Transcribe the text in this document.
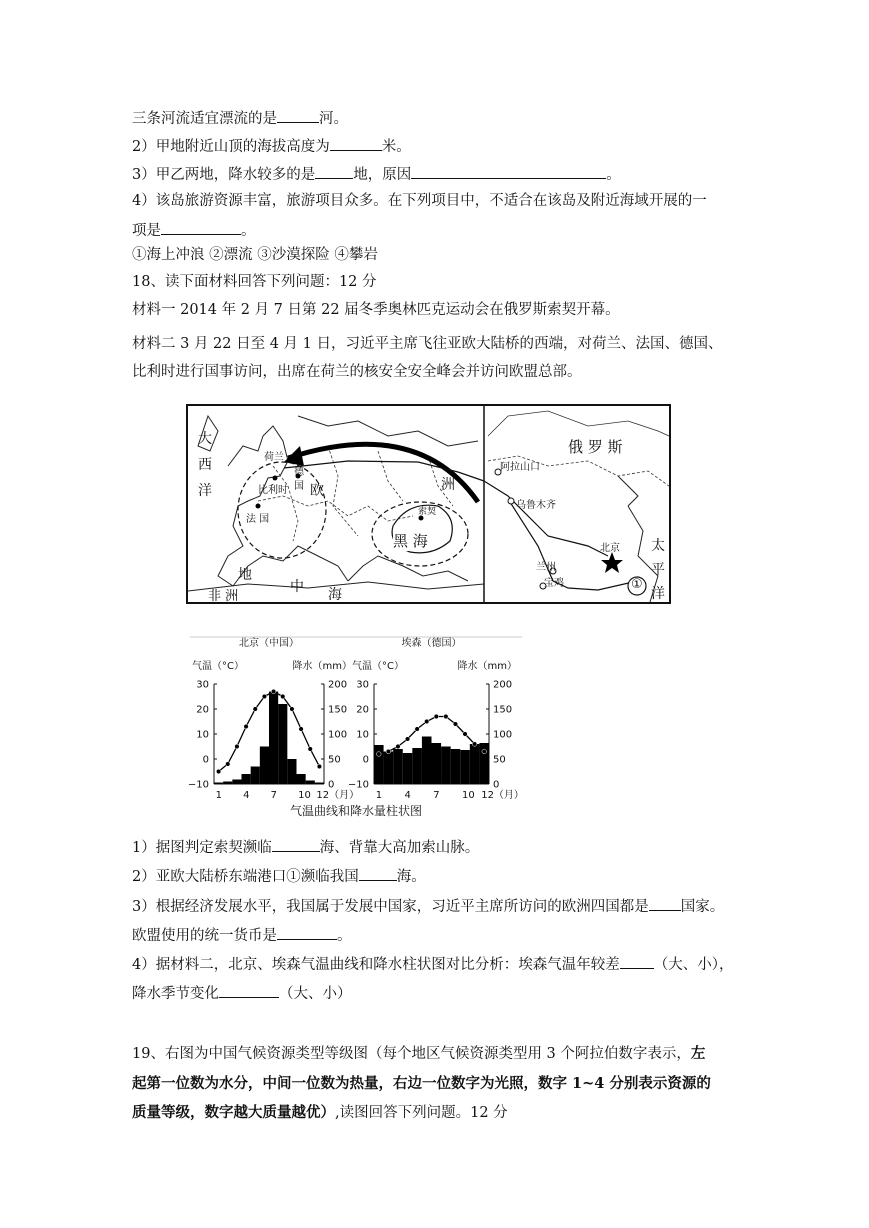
三条河流适宜漂流的是	河。
2）甲地附近山顶的海拔高度为	米。
3）甲乙两地，降水较多的是	地，原因	。
4）该岛旅游资源丰富，旅游项目众多。在下列项目中，不适合在该岛及附近海域开展的一
项是	。
①海上冲浪 ②漂流 ③沙漠探险 ④攀岩
18、读下面材料回答下列问题：12 分
材料一 2014 年 2 月 7 日第 22 届冬季奥林匹克运动会在俄罗斯索契开幕。
材料二 3 月 22 日至 4 月 1 日，习近平主席飞往亚欧大陆桥的西端，对荷兰、法国、德国、
比利时进行国事访问，出席在荷兰的核安全安全峰会并访问欧盟总部。
大
西
洋
太
平
洋
洲
欧
非 洲
地
中 海
黑 海
俄 罗 斯
荷兰
比利时
德
国
法 国
索契
阿拉山口
乌鲁木齐
北京
兰州
宝鸡	①
北京（中国）
气温（°C）	降水（mm）
30
20
10
0
−10
200
150
100
50
0
1 4 7 10 12（月）
埃森（德国）
气温（°C）	降水（mm）
30
20
10
0
−10
200
150
100
50
0
1 4 7 10 12（月）
气温曲线和降水量柱状图
1）据图判定索契濒临	海、背靠大高加索山脉。
2）亚欧大陆桥东端港口①濒临我国	海。
3）根据经济发展水平，我国属于发展中国家，习近平主席所访问的欧洲四国都是 国家。
欧盟使用的统一货币是	。
4）据材料二，北京、埃森气温曲线和降水柱状图对比分析：埃森气温年较差 （大、小），
降水季节变化	（大、小）
19、右图为中国气候资源类型等级图（每个地区气候资源类型用 3 个阿拉伯数字表示，左
起第一位数为水分，中间一位数为热量，右边一位数字为光照，数字 1~4 分别表示资源的
质量等级，数字越大质量越优）,读图回答下列问题。12 分
